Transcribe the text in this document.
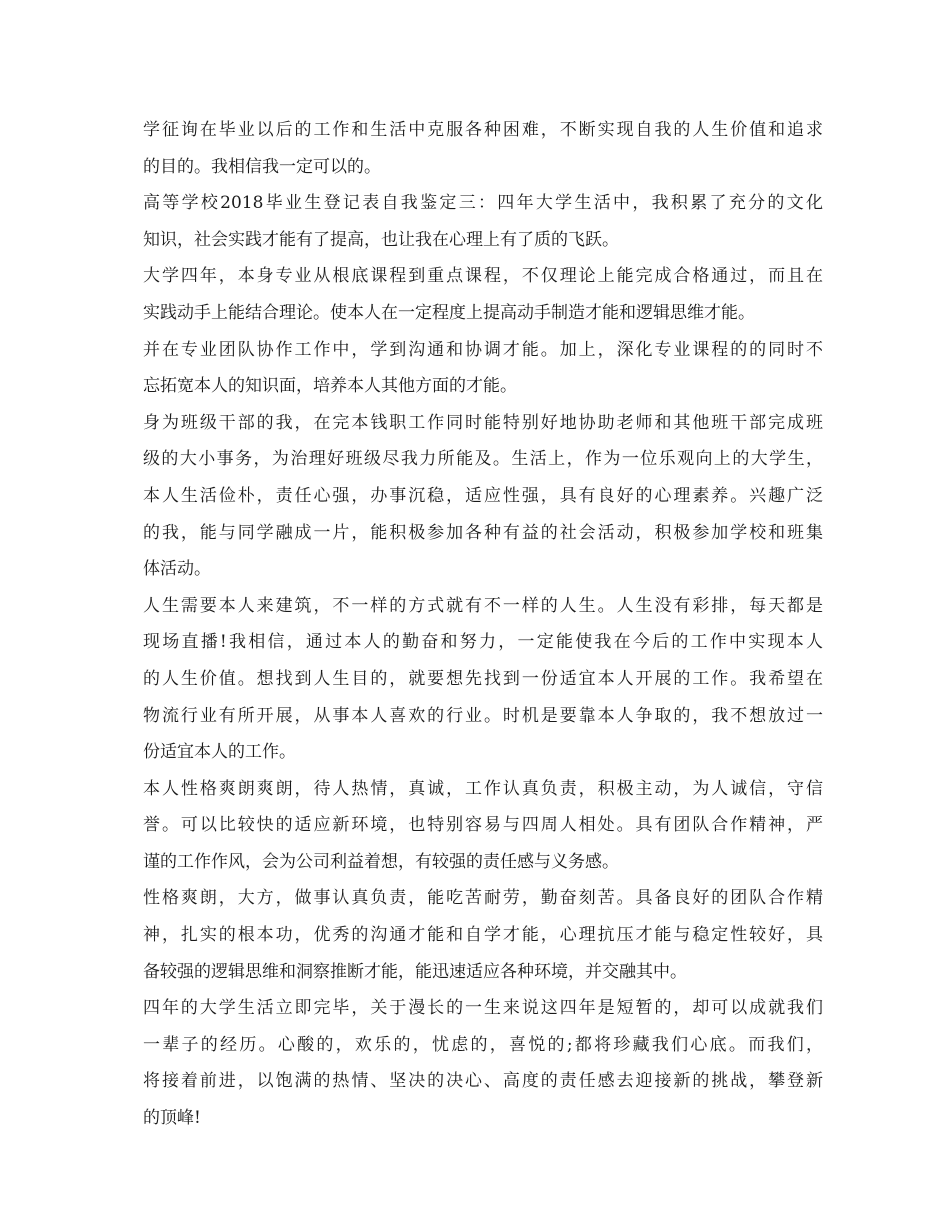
学征询在毕业以后的工作和生活中克服各种困难，不断实现自我的人生价值和追求
的目的。我相信我一定可以的。
高等学校2018毕业生登记表自我鉴定三：四年大学生活中，我积累了充分的文化
知识，社会实践才能有了提高，也让我在心理上有了质的飞跃。
大学四年，本身专业从根底课程到重点课程，不仅理论上能完成合格通过，而且在
实践动手上能结合理论。使本人在一定程度上提高动手制造才能和逻辑思维才能。
并在专业团队协作工作中，学到沟通和协调才能。加上，深化专业课程的的同时不
忘拓宽本人的知识面，培养本人其他方面的才能。
身为班级干部的我，在完本钱职工作同时能特别好地协助老师和其他班干部完成班
级的大小事务，为治理好班级尽我力所能及。生活上，作为一位乐观向上的大学生，
本人生活俭朴，责任心强，办事沉稳，适应性强，具有良好的心理素养。兴趣广泛
的我，能与同学融成一片，能积极参加各种有益的社会活动，积极参加学校和班集
体活动。
人生需要本人来建筑，不一样的方式就有不一样的人生。人生没有彩排，每天都是
现场直播!我相信，通过本人的勤奋和努力，一定能使我在今后的工作中实现本人
的人生价值。想找到人生目的，就要想先找到一份适宜本人开展的工作。我希望在
物流行业有所开展，从事本人喜欢的行业。时机是要靠本人争取的，我不想放过一
份适宜本人的工作。
本人性格爽朗爽朗，待人热情，真诚，工作认真负责，积极主动，为人诚信，守信
誉。可以比较快的适应新环境，也特别容易与四周人相处。具有团队合作精神，严
谨的工作作风，会为公司利益着想，有较强的责任感与义务感。
性格爽朗，大方，做事认真负责，能吃苦耐劳，勤奋刻苦。具备良好的团队合作精
神，扎实的根本功，优秀的沟通才能和自学才能，心理抗压才能与稳定性较好，具
备较强的逻辑思维和洞察推断才能，能迅速适应各种环境，并交融其中。
四年的大学生活立即完毕，关于漫长的一生来说这四年是短暂的，却可以成就我们
一辈子的经历。心酸的，欢乐的，忧虑的，喜悦的;都将珍藏我们心底。而我们，
将接着前进，以饱满的热情、坚决的决心、高度的责任感去迎接新的挑战，攀登新
的顶峰!
